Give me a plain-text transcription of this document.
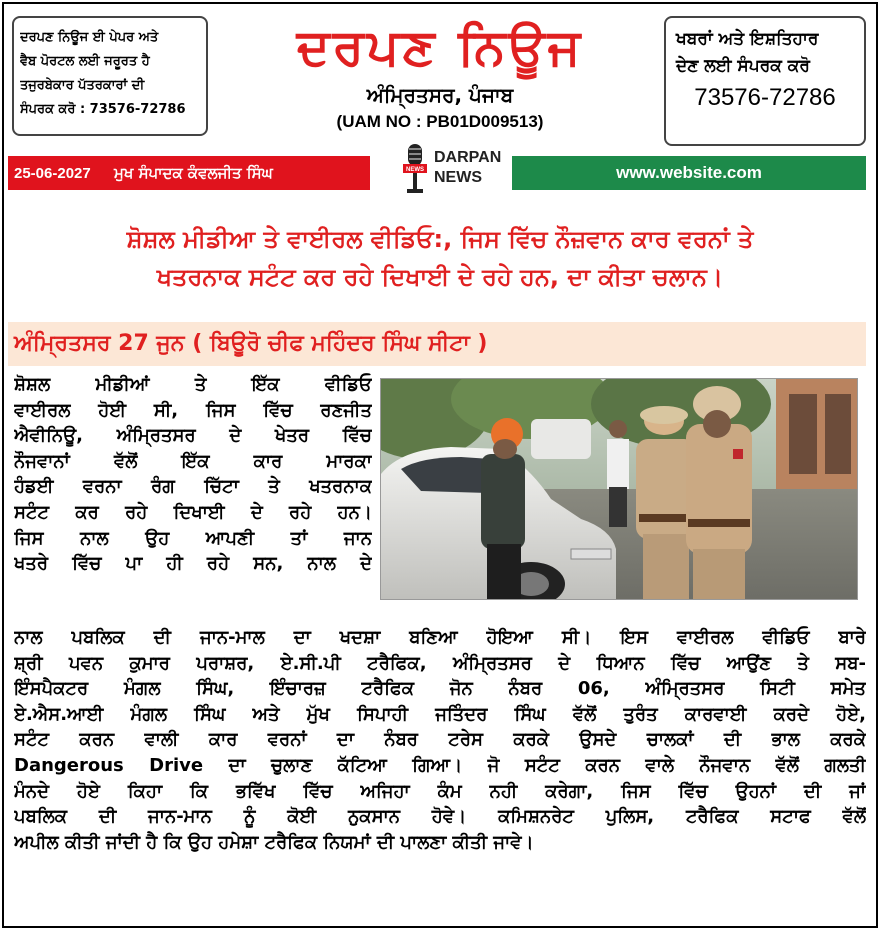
ਦਰਪਣ ਨਿਊਜ ਈ ਪੇਪਰ ਅਤੇ
ਵੈਬ ਪੋਰਟਲ ਲਈ ਜਰੂਰਤ ਹੈ
ਤਜੁਰਬੇਕਾਰ ਪੱਤਰਕਾਰਾਂ ਦੀ
ਸੰਪਰਕ ਕਰੋ : 73576-72786
ਦਰਪਣ ਨਿਊਜ
ਅੰਮ੍ਰਿਤਸਰ, ਪੰਜਾਬ
(UAM NO : PB01D009513)
ਖਬਰਾਂ ਅਤੇ ਇਸ਼ਤਿਹਾਰ
ਦੇਣ ਲਈ ਸੰਪਰਕ ਕਰੋ
73576-72786
25-06-2027 ਮੁਖ ਸੰਪਾਦਕ ਕੰਵਲਜੀਤ ਸਿੰਘ	NEWS
DARPAN
NEWS	www.website.com
ਸ਼ੋਸ਼ਲ ਮੀਡੀਆ ਤੇ ਵਾਈਰਲ ਵੀਡਿਓ:, ਜਿਸ ਵਿੱਚ ਨੌਜ਼ਵਾਨ ਕਾਰ ਵਰਨਾਂ ਤੇ
ਖਤਰਨਾਕ ਸਟੰਟ ਕਰ ਰਹੇ ਦਿਖਾਈ ਦੇ ਰਹੇ ਹਨ, ਦਾ ਕੀਤਾ ਚਲਾਨ।
ਅੰਮ੍ਰਿਤਸਰ 27 ਜੁਨ ( ਬਿਊਰੋ ਚੀਫ ਮਹਿੰਦਰ ਸਿੰਘ ਸੀਟਾ )
ਸ਼ੋਸ਼ਲ ਮੀਡੀਆਂ ਤੇ ਇੱਕ ਵੀਡਿਓ
ਵਾਈਰਲ ਹੋਈ ਸੀ, ਜਿਸ ਵਿੱਚ ਰਣਜੀਤ
ਐਵੀਨਿਊ, ਅੰਮ੍ਰਿਤਸਰ ਦੇ ਖੇਤਰ ਵਿੱਚ
ਨੌਜਵਾਨਾਂ ਵੱਲੋਂ ਇੱਕ ਕਾਰ ਮਾਰਕਾ
ਹੰਡਈ ਵਰਨਾ ਰੰਗ ਚਿੱਟਾ ਤੇ ਖਤਰਨਾਕ
ਸਟੰਟ ਕਰ ਰਹੇ ਦਿਖਾਈ ਦੇ ਰਹੇ ਹਨ।
ਜਿਸ ਨਾਲ ਉਹ ਆਪਣੀ ਤਾਂ ਜਾਨ
ਖਤਰੇ ਵਿੱਚ ਪਾ ਹੀ ਰਹੇ ਸਨ, ਨਾਲ ਦੇ
ਨਾਲ ਪਬਲਿਕ ਦੀ ਜਾਨ-ਮਾਲ ਦਾ ਖਦਸ਼ਾ ਬਣਿਆ ਹੋਇਆ ਸੀ। ਇਸ ਵਾਈਰਲ ਵੀਡਿਓ ਬਾਰੇ
ਸ਼੍ਰੀ ਪਵਨ ਕੁਮਾਰ ਪਰਾਸ਼ਰ, ਏ.ਸੀ.ਪੀ ਟਰੈਫਿਕ, ਅੰਮ੍ਰਿਤਸਰ ਦੇ ਧਿਆਨ ਵਿੱਚ ਆਉਂਣ ਤੇ ਸਬ-
ਇੰਸਪੈਕਟਰ ਮੰਗਲ ਸਿੰਘ, ਇੰਚਾਰਜ਼ ਟਰੈਫਿਕ ਜੋਨ ਨੰਬਰ 06, ਅੰਮ੍ਰਿਤਸਰ ਸਿਟੀ ਸਮੇਤ
ਏ.ਐਸ.ਆਈ ਮੰਗਲ ਸਿੰਘ ਅਤੇ ਮੁੱਖ ਸਿਪਾਹੀ ਜਤਿੰਦਰ ਸਿੰਘ ਵੱਲੋਂ ਤੁਰੰਤ ਕਾਰਵਾਈ ਕਰਦੇ ਹੋਏ,
ਸਟੰਟ ਕਰਨ ਵਾਲੀ ਕਾਰ ਵਰਨਾਂ ਦਾ ਨੰਬਰ ਟਰੇਸ ਕਰਕੇ ਉਸਦੇ ਚਾਲਕਾਂ ਦੀ ਭਾਲ ਕਰਕੇ
Dangerous Drive ਦਾ ਚੁਲਾਣ ਕੱਟਿਆ ਗਿਆ। ਜੋ ਸਟੰਟ ਕਰਨ ਵਾਲੇ ਨੌਜਵਾਨ ਵੱਲੋਂ ਗਲਤੀ
ਮੰਨਦੇ ਹੋਏ ਕਿਹਾ ਕਿ ਭਵਿੱਖ ਵਿੱਚ ਅਜਿਹਾ ਕੰਮ ਨਹੀ ਕਰੇਗਾ, ਜਿਸ ਵਿੱਚ ਉਹਨਾਂ ਦੀ ਜਾਂ
ਪਬਲਿਕ ਦੀ ਜਾਨ-ਮਾਨ ਨੂੰ ਕੋਈ ਨੁਕਸਾਨ ਹੋਵੇ। ਕਮਿਸ਼ਨਰੇਟ ਪੁਲਿਸ, ਟਰੈਫਿਕ ਸਟਾਫ ਵੱਲੋਂ
ਅਪੀਲ ਕੀਤੀ ਜਾਂਦੀ ਹੈ ਕਿ ਉਹ ਹਮੇਸ਼ਾ ਟਰੈਫਿਕ ਨਿਯਮਾਂ ਦੀ ਪਾਲਣਾ ਕੀਤੀ ਜਾਵੇ।
